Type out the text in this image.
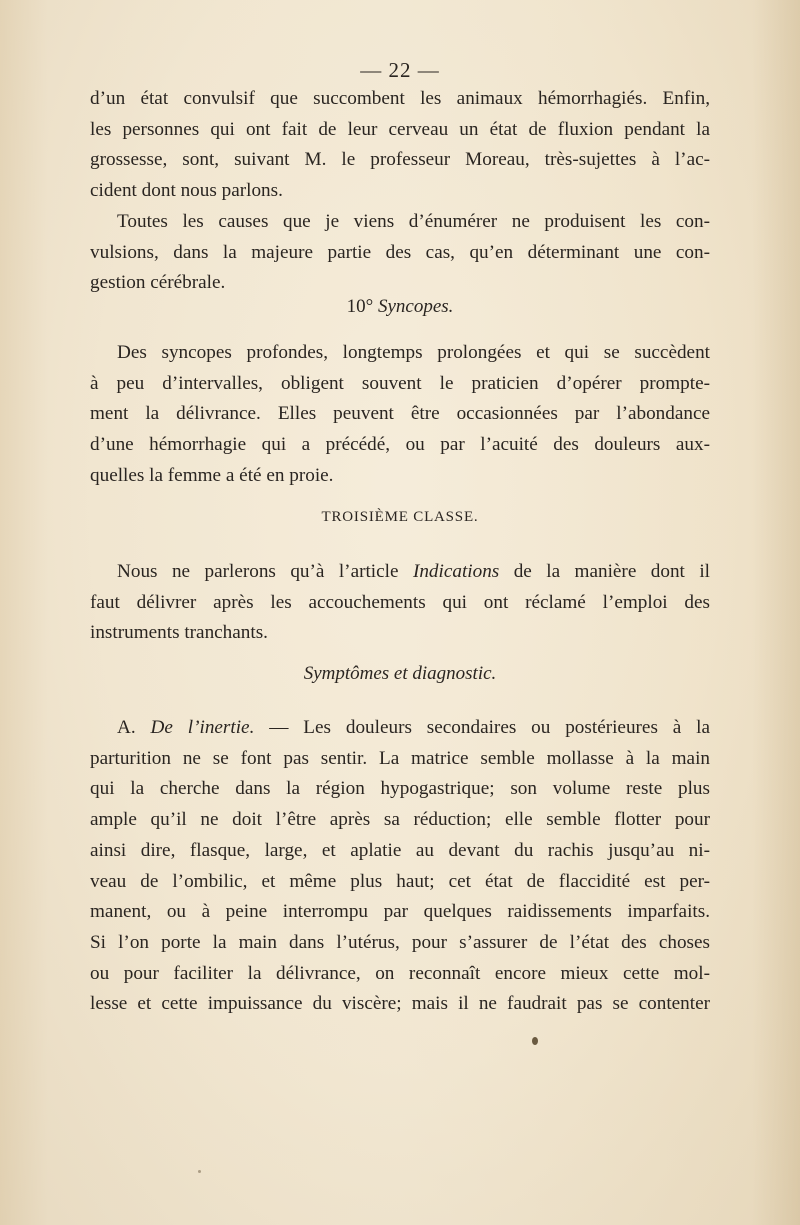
— 22 —

d’un état convulsif que succombent les animaux hémorrhagiés. Enfin,
les personnes qui ont fait de leur cerveau un état de fluxion pendant la
grossesse, sont, suivant M. le professeur Moreau, très-sujettes à l’ac-
cident dont nous parlons.

Toutes les causes que je viens d’énumérer ne produisent les con-
vulsions, dans la majeure partie des cas, qu’en déterminant une con-
gestion cérébrale.

10° Syncopes.

Des syncopes profondes, longtemps prolongées et qui se succèdent
à peu d’intervalles, obligent souvent le praticien d’opérer prompte-
ment la délivrance. Elles peuvent être occasionnées par l’abondance
d’une hémorrhagie qui a précédé, ou par l’acuité des douleurs aux-
quelles la femme a été en proie.

TROISIÈME CLASSE.

Nous ne parlerons qu’à l’article Indications de la manière dont il
faut délivrer après les accouchements qui ont réclamé l’emploi des
instruments tranchants.

Symptômes et diagnostic.

A. De l’inertie. — Les douleurs secondaires ou postérieures à la
parturition ne se font pas sentir. La matrice semble mollasse à la main
qui la cherche dans la région hypogastrique; son volume reste plus
ample qu’il ne doit l’être après sa réduction; elle semble flotter pour
ainsi dire, flasque, large, et aplatie au devant du rachis jusqu’au ni-
veau de l’ombilic, et même plus haut; cet état de flaccidité est per-
manent, ou à peine interrompu par quelques raidissements imparfaits.
Si l’on porte la main dans l’utérus, pour s’assurer de l’état des choses
ou pour faciliter la délivrance, on reconnaît encore mieux cette mol-
lesse et cette impuissance du viscère; mais il ne faudrait pas se contenter
